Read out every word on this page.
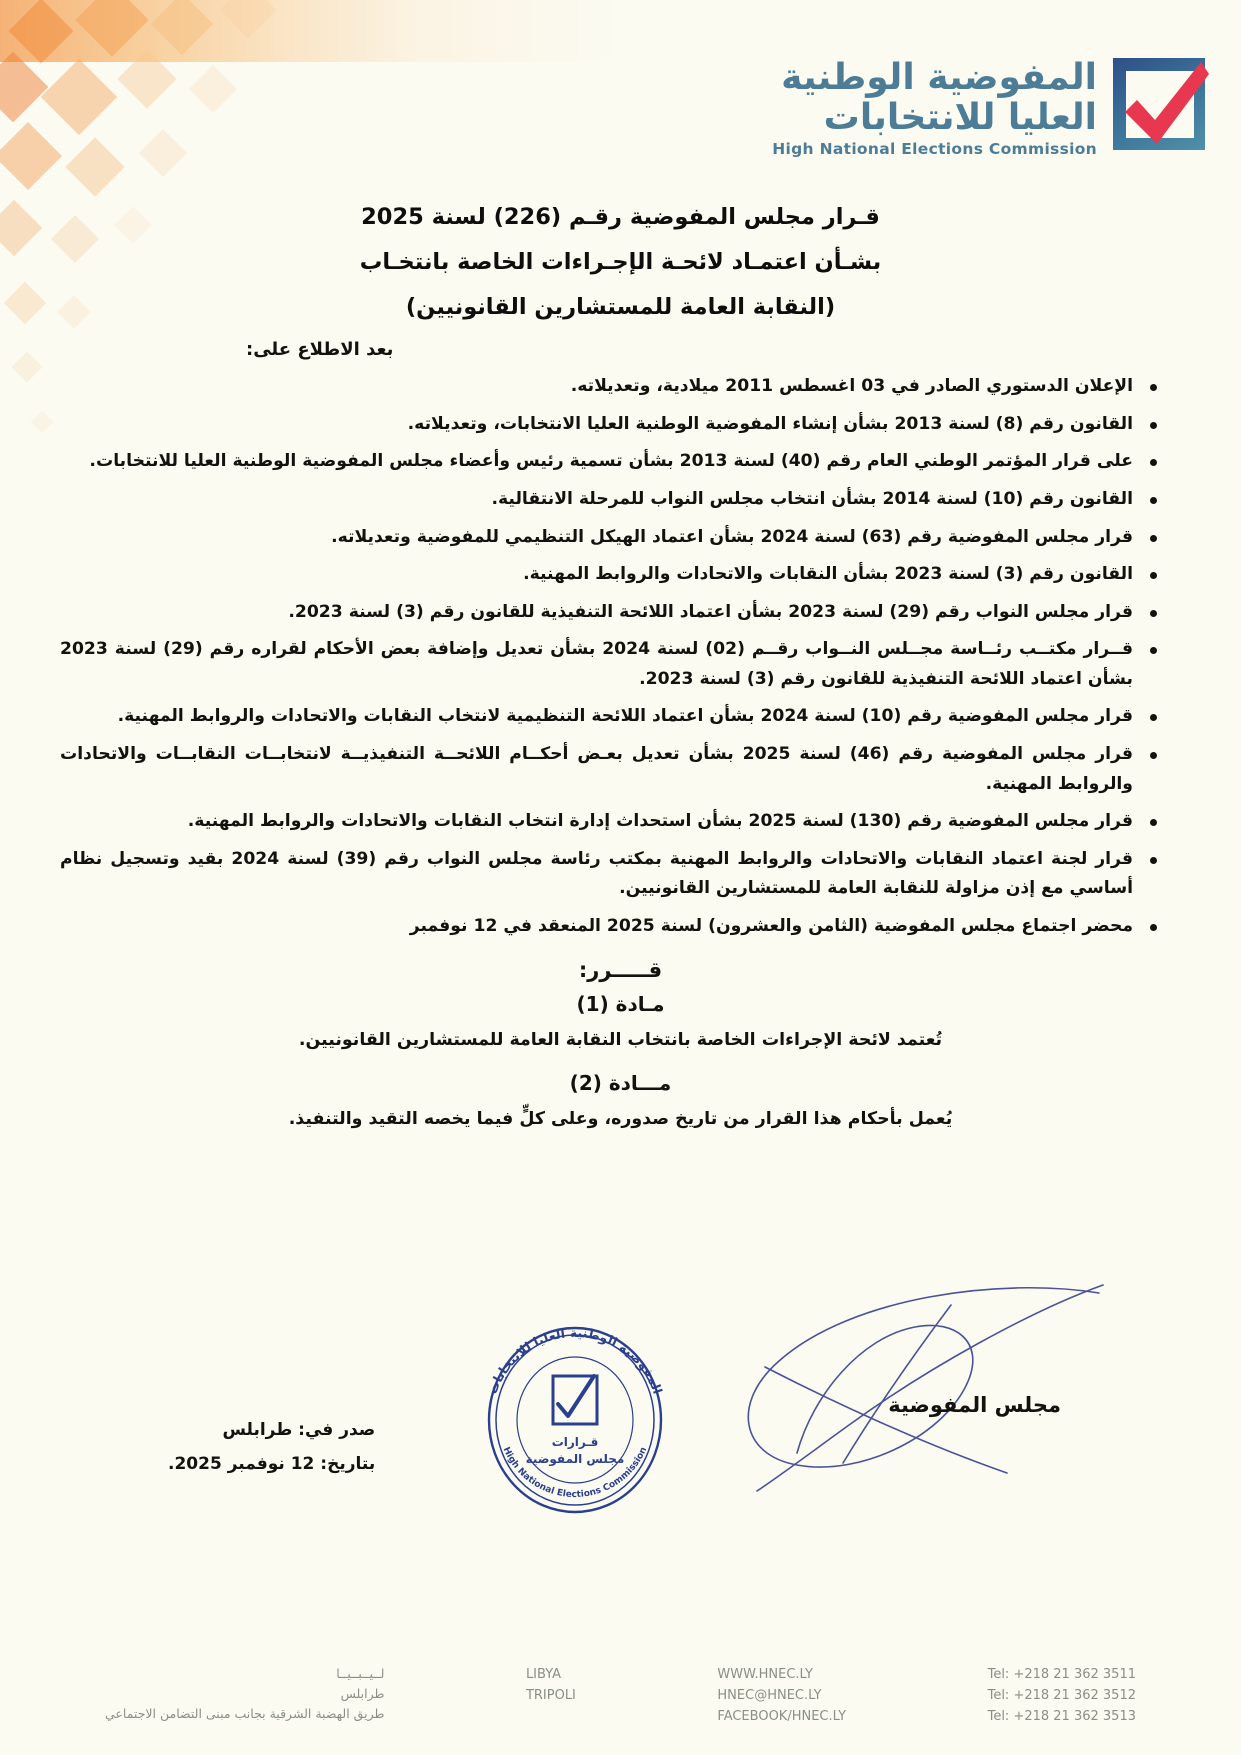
المفوضية الوطنية
العليا للانتخابات
High National Elections Commission
قـرار مجلس المفوضية رقـم (226) لسنة 2025
بشـأن اعتمـاد لائحـة الإجـراءات الخاصة بانتخـاب
(النقابة العامة للمستشارين القانونيين)
بعد الاطلاع على:
الإعلان الدستوري الصادر في 03 اغسطس 2011 ميلادية، وتعديلاته.
القانون رقم (8) لسنة 2013 بشأن إنشاء المفوضية الوطنية العليا الانتخابات، وتعديلاته.
على قرار المؤتمر الوطني العام رقم (40) لسنة 2013 بشأن تسمية رئيس وأعضاء مجلس المفوضية الوطنية العليا للانتخابات.
القانون رقم (10) لسنة 2014 بشأن انتخاب مجلس النواب للمرحلة الانتقالية.
قرار مجلس المفوضية رقم (63) لسنة 2024 بشأن اعتماد الهيكل التنظيمي للمفوضية وتعديلاته.
القانون رقم (3) لسنة 2023 بشأن النقابات والاتحادات والروابط المهنية.
قرار مجلس النواب رقم (29) لسنة 2023 بشأن اعتماد اللائحة التنفيذية للقانون رقم (3) لسنة 2023.
قــرار مكتــب رئــاسة مجــلس النــواب رقــم (02) لسنة 2024 بشأن تعديل وإضافة بعض الأحكام لقراره رقم (29) لسنة 2023 بشأن اعتماد اللائحة التنفيذية للقانون رقم (3) لسنة 2023.
قرار مجلس المفوضية رقم (10) لسنة 2024 بشأن اعتماد اللائحة التنظيمية لانتخاب النقابات والاتحادات والروابط المهنية.
قرار مجلس المفوضية رقم (46) لسنة 2025 بشأن تعديل بعـض أحكــام اللائحــة التنفيذيــة لانتخابــات النقابــات والاتحادات والروابط المهنية.
قرار مجلس المفوضية رقم (130) لسنة 2025 بشأن استحداث إدارة انتخاب النقابات والاتحادات والروابط المهنية.
قرار لجنة اعتماد النقابات والاتحادات والروابط المهنية بمكتب رئاسة مجلس النواب رقم (39) لسنة 2024 بقيد وتسجيل نظام أساسي مع إذن مزاولة للنقابة العامة للمستشارين القانونيين.
محضر اجتماع مجلس المفوضية (الثامن والعشرون) لسنة 2025 المنعقد في 12 نوفمبر
قـــــرر:
مـادة (1)
تُعتمد لائحة الإجراءات الخاصة بانتخاب النقابة العامة للمستشارين القانونيين.
مـــادة (2)
يُعمل بأحكام هذا القرار من تاريخ صدوره، وعلى كلٍّ فيما يخصه التقيد والتنفيذ.
مجلس المفوضية
المفوضية الوطنية العليا للانتخابات
High National Elections Commission
قـرارات
مجلس المفوضية
صدر في: طرابلس
بتاريخ: 12 نوفمبر 2025.
Tel: +218 21 362 3511
Tel: +218 21 362 3512
Tel: +218 21 362 3513
WWW.HNEC.LY
HNEC@HNEC.LY
FACEBOOK/HNEC.LY
LIBYA
TRIPOLI
لــيــبــيــا
طرابلس
طريق الهضبة الشرقية بجانب مبنى التضامن الاجتماعي
